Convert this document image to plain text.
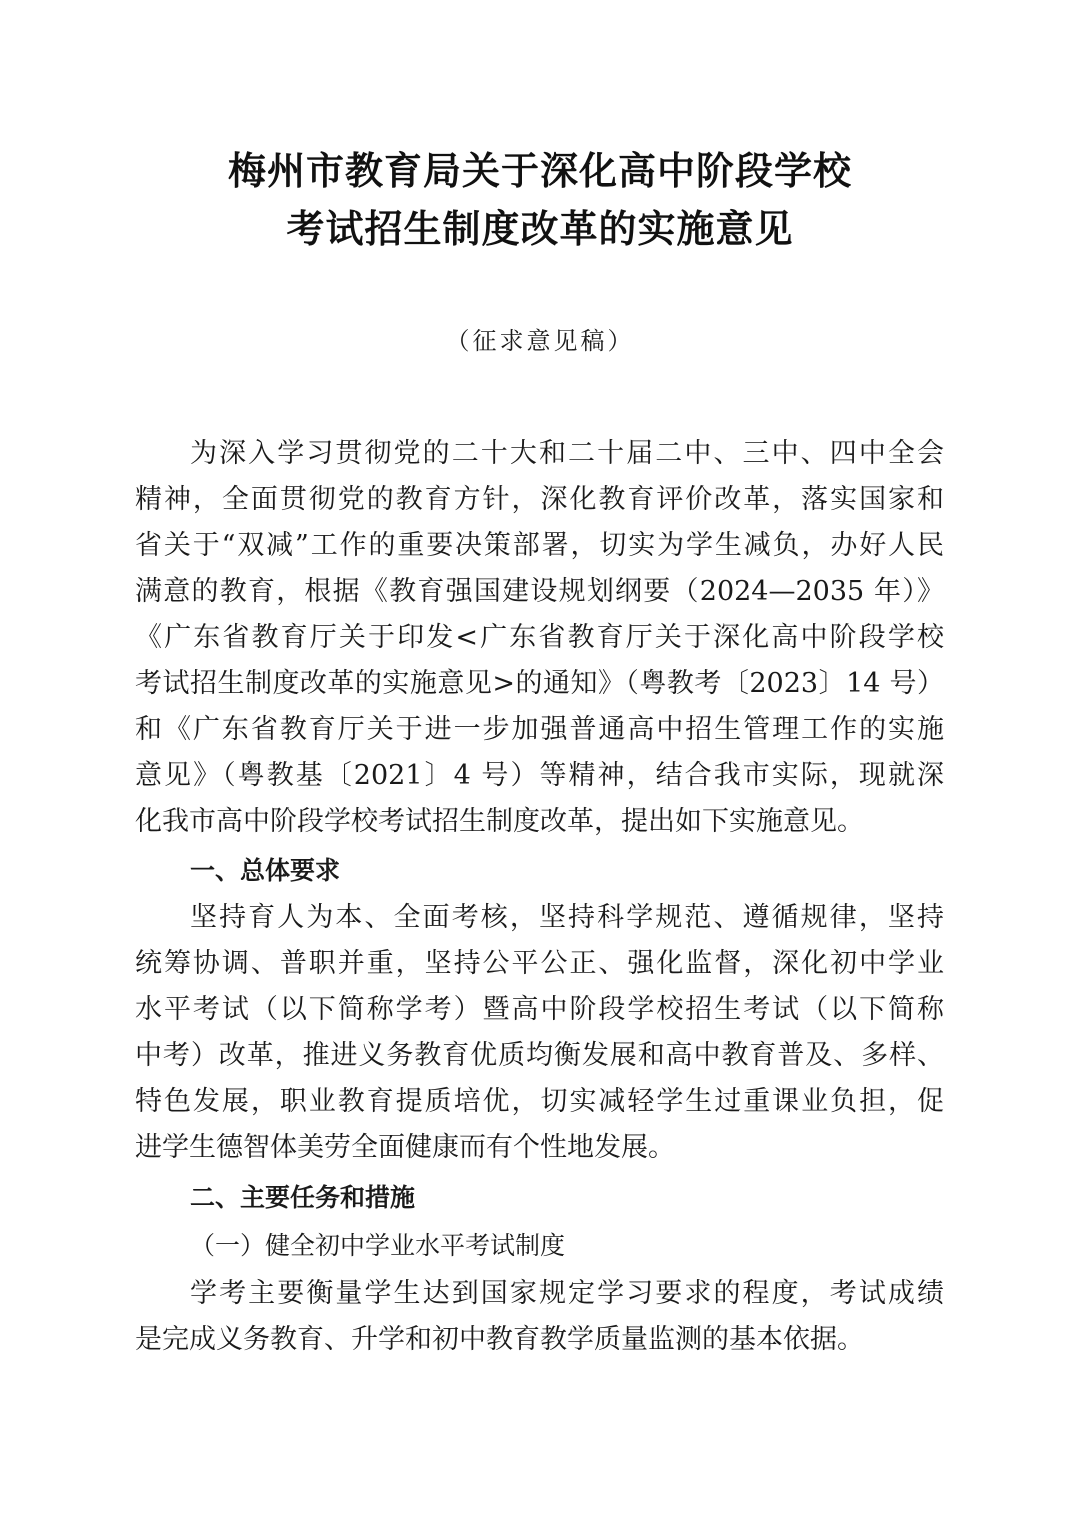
梅州市教育局关于深化高中阶段学校
考试招生制度改革的实施意见
（征求意见稿）
为深入学习贯彻党的二十大和二十届二中、三中、四中全会
精神，全面贯彻党的教育方针，深化教育评价改革，落实国家和
省关于“双减”工作的重要决策部署，切实为学生减负，办好人民
满意的教育，根据《教育强国建设规划纲要（2024—2035 年）》
《广东省教育厅关于印发<广东省教育厅关于深化高中阶段学校
考试招生制度改革的实施意见>的通知》（粤教考〔2023〕14 号）
和《广东省教育厅关于进一步加强普通高中招生管理工作的实施
意见》（粤教基〔2021〕4 号）等精神，结合我市实际，现就深
化我市高中阶段学校考试招生制度改革，提出如下实施意见。
一、总体要求
坚持育人为本、全面考核，坚持科学规范、遵循规律，坚持
统筹协调、普职并重，坚持公平公正、强化监督，深化初中学业
水平考试（以下简称学考）暨高中阶段学校招生考试（以下简称
中考）改革，推进义务教育优质均衡发展和高中教育普及、多样、
特色发展，职业教育提质培优，切实减轻学生过重课业负担，促
进学生德智体美劳全面健康而有个性地发展。
二、主要任务和措施
（一）健全初中学业水平考试制度
学考主要衡量学生达到国家规定学习要求的程度，考试成绩
是完成义务教育、升学和初中教育教学质量监测的基本依据。
